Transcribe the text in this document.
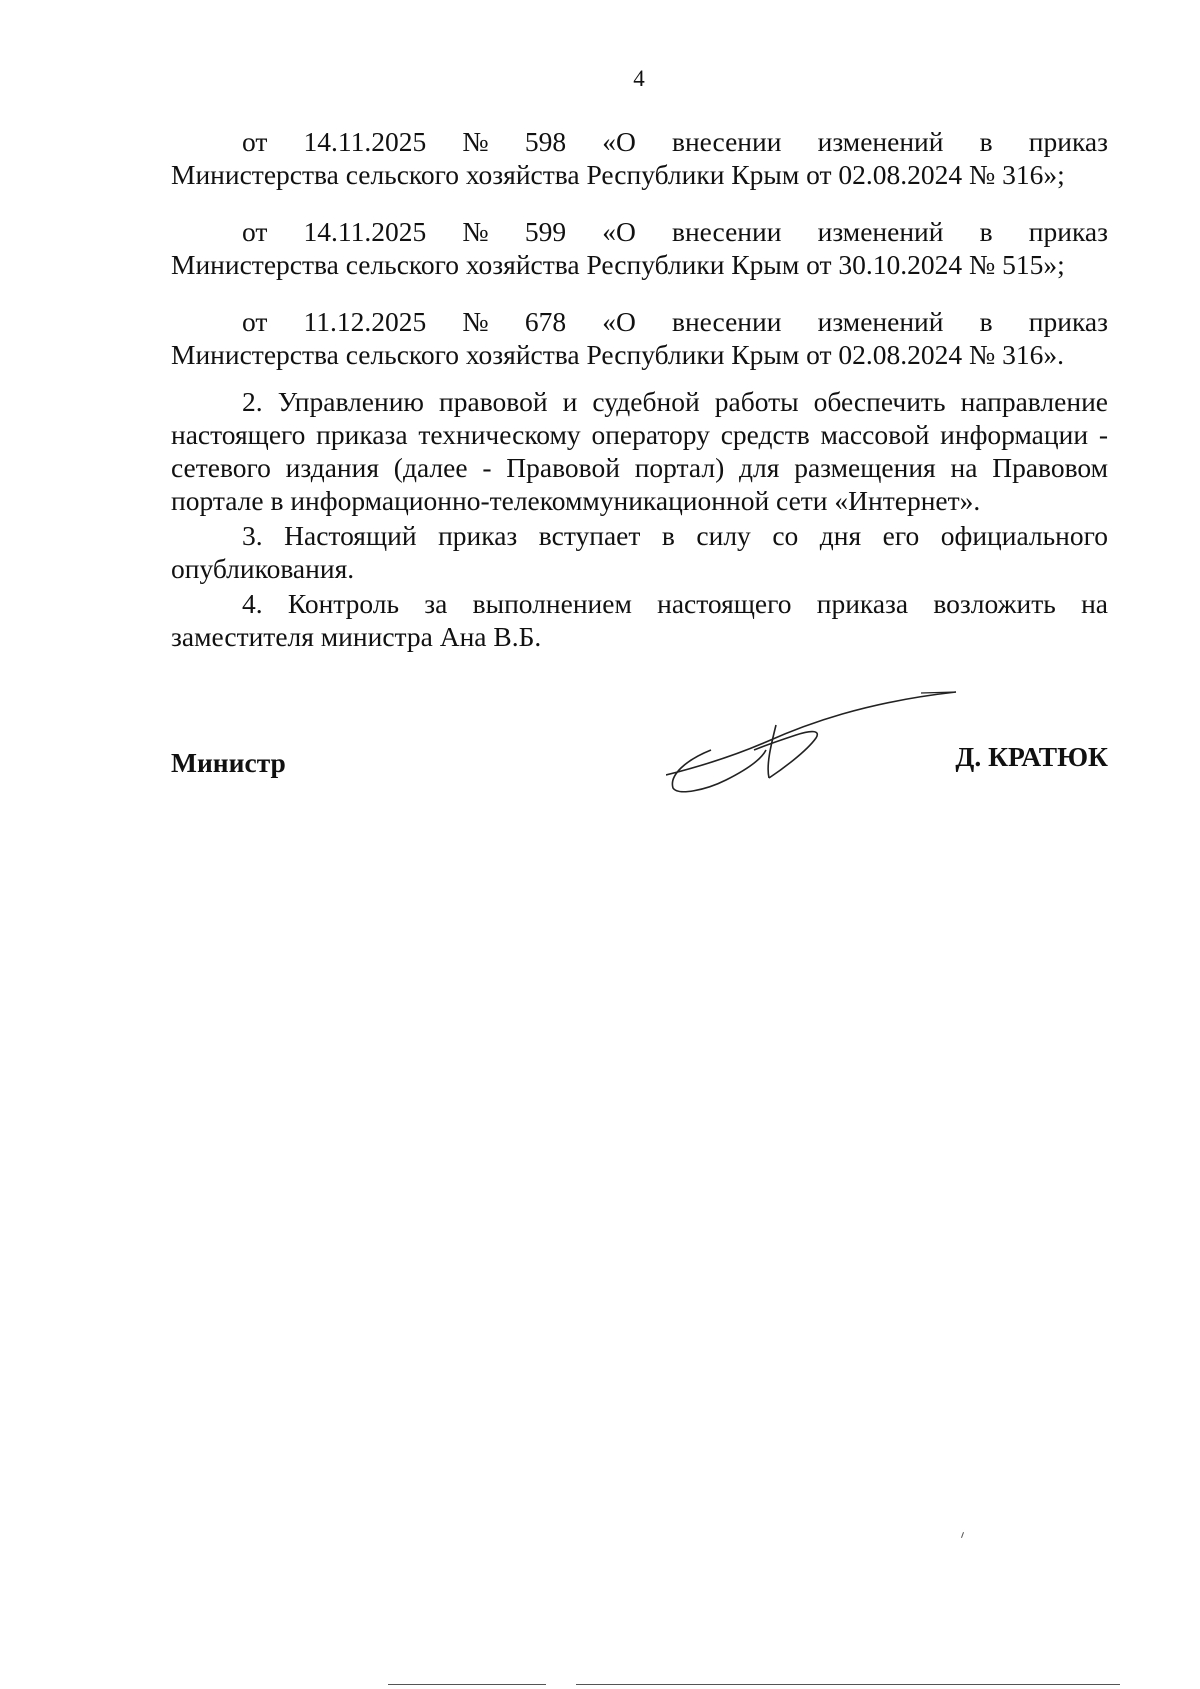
4
от 14.11.2025 № 598 «О внесении изменений в приказ
Министерства сельского хозяйства Республики Крым от 02.08.2024 № 316»;
от 14.11.2025 № 599 «О внесении изменений в приказ
Министерства сельского хозяйства Республики Крым от 30.10.2024 № 515»;
от 11.12.2025 № 678 «О внесении изменений в приказ
Министерства сельского хозяйства Республики Крым от 02.08.2024 № 316».

2. Управлению правовой и судебной работы обеспечить направление настоящего приказа техническому оператору средств массовой информации - сетевого издания (далее - Правовой портал) для размещения на Правовом портале в информационно-телекоммуникационной сети «Интернет».

3. Настоящий приказ вступает в силу со дня его официального опубликования.

4. Контроль за выполнением настоящего приказа возложить на заместителя министра Ана В.Б.

Министр	Д. КРАТЮК
